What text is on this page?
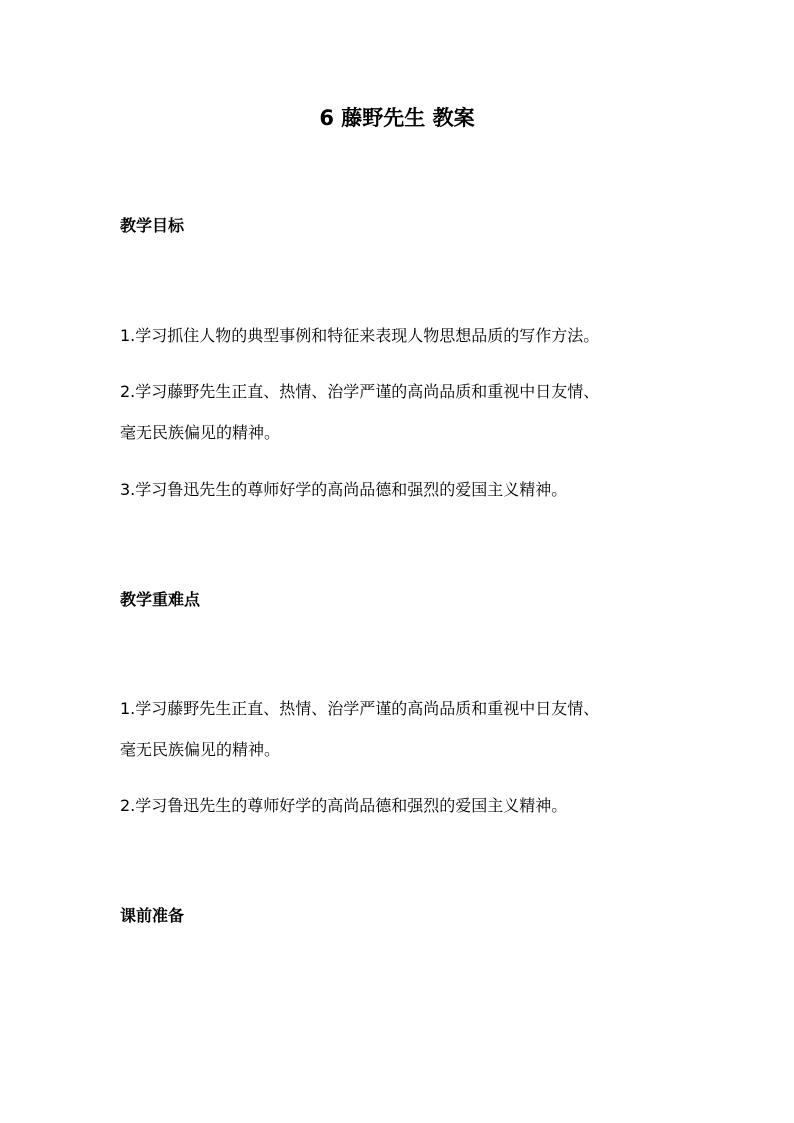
6 藤野先生 教案
教学目标

1.学习抓住人物的典型事例和特征来表现人物思想品质的写作方法。

2.学习藤野先生正直、热情、治学严谨的高尚品质和重视中日友情、

毫无民族偏见的精神。

3.学习鲁迅先生的尊师好学的高尚品德和强烈的爱国主义精神。

教学重难点

1.学习藤野先生正直、热情、治学严谨的高尚品质和重视中日友情、

毫无民族偏见的精神。

2.学习鲁迅先生的尊师好学的高尚品德和强烈的爱国主义精神。

课前准备
